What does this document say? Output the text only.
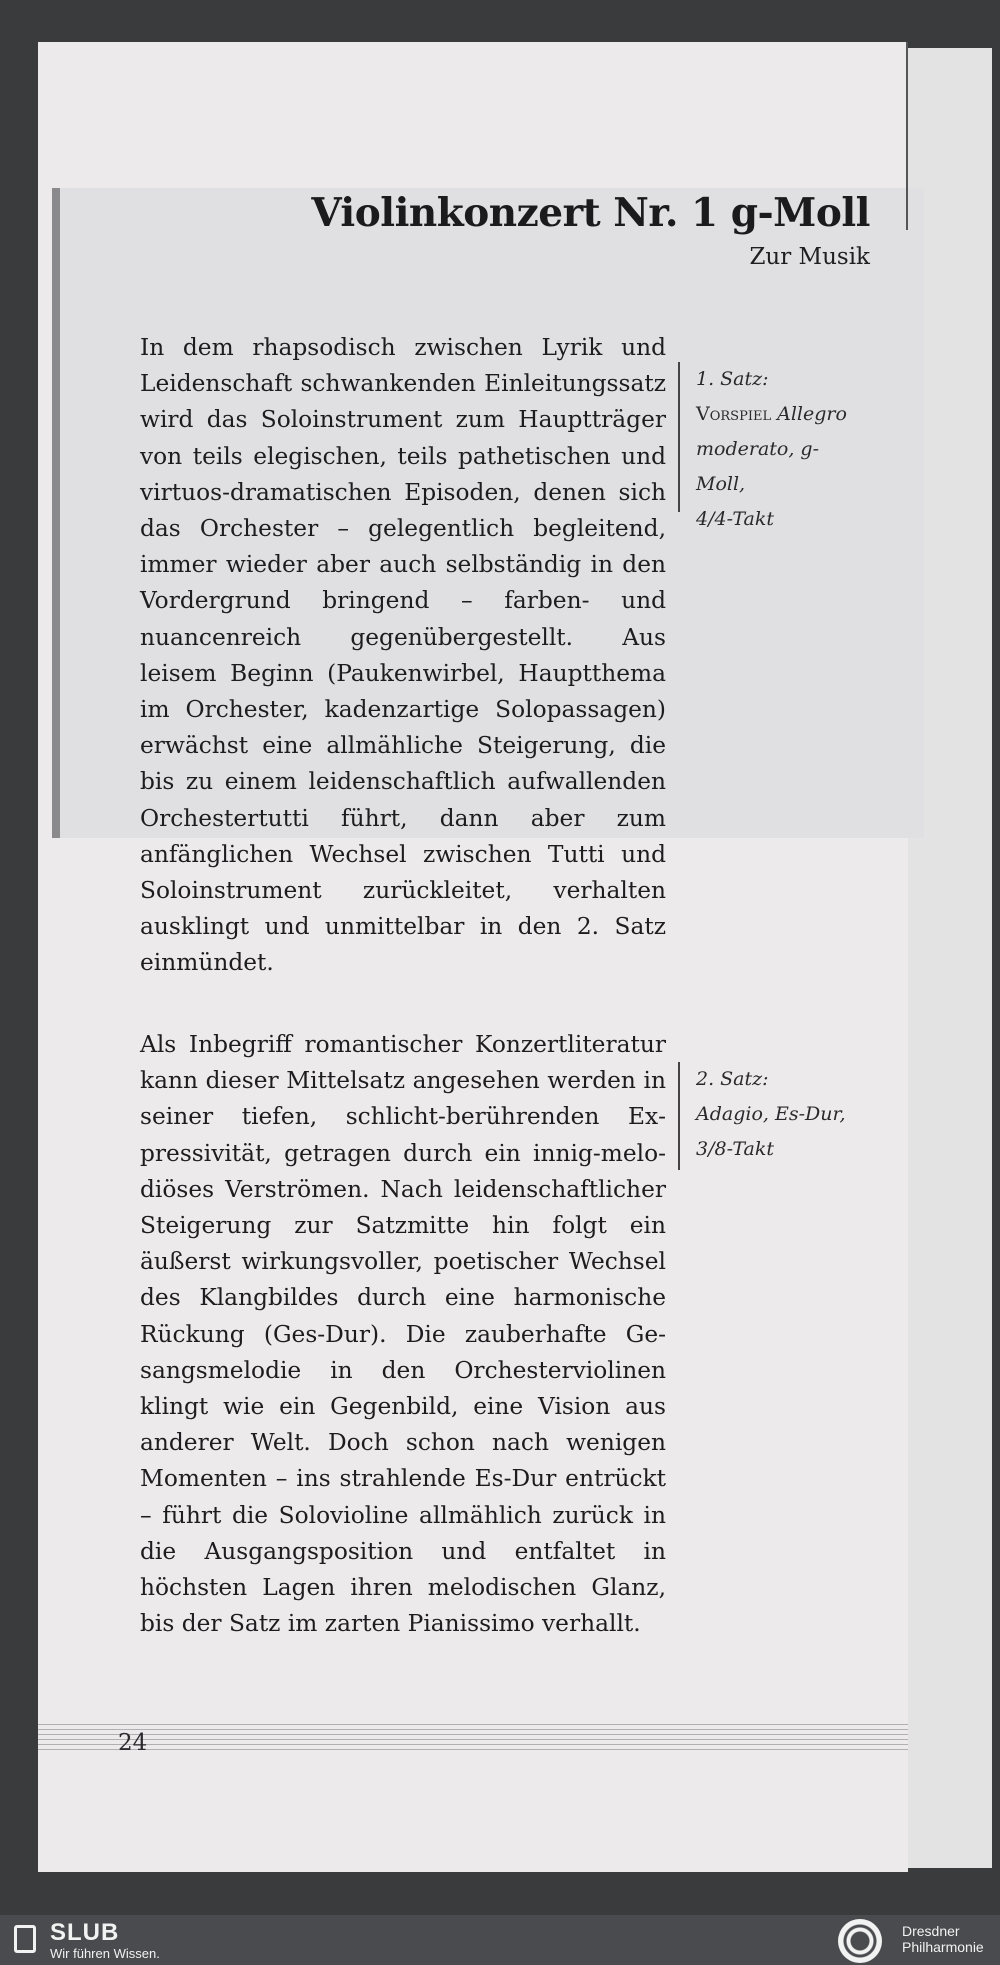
Violinkonzert Nr. 1 g-Moll
Zur Musik

In dem rhapsodisch zwischen Lyrik und Leidenschaft schwankenden Einleitungssatz wird das Soloinstrument zum Hauptträger von teils elegischen, teils pathetischen und virtuos-dramatischen Episoden, denen sich das Orchester – gelegentlich begleitend, immer wieder aber auch selbständig in den Vordergrund bringend – farben- und nuancenreich gegenübergestellt. Aus leisem Beginn (Paukenwirbel, Hauptthema im Orchester, kadenzartige Solopassagen) erwächst eine allmähliche Steigerung, die bis zu einem leidenschaftlich aufwallenden Orchestertutti führt, dann aber zum anfänglichen Wechsel zwischen Tutti und Soloinstrument zurückleitet, verhalten ausklingt und unmittelbar in den 2. Satz einmündet.

Als Inbegriff romantischer Konzertliteratur kann dieser Mittelsatz angesehen werden in seiner tiefen, schlicht-berührenden Expressivität, getragen durch ein innig-melodiöses Verströmen. Nach leidenschaftlicher Steigerung zur Satzmitte hin folgt ein äußerst wirkungsvoller, poetischer Wechsel des Klangbildes durch eine harmonische Rückung (Ges-Dur). Die zauberhafte Gesangsmelodie in den Orchesterviolinen klingt wie ein Gegenbild, eine Vision aus anderer Welt. Doch schon nach wenigen Momenten – ins strahlende Es-Dur entrückt – führt die Solovioline allmählich zurück in die Ausgangsposition und entfaltet in höchsten Lagen ihren melodischen Glanz, bis der Satz im zarten Pianissimo verhallt.

1. Satz:
Vorspiel Allegro
moderato, g-Moll,
4/4-Takt
2. Satz:
Adagio, Es-Dur,
3/8-Takt
24
SLUB
Wir führen Wissen.
Dresdner
Philharmonie
